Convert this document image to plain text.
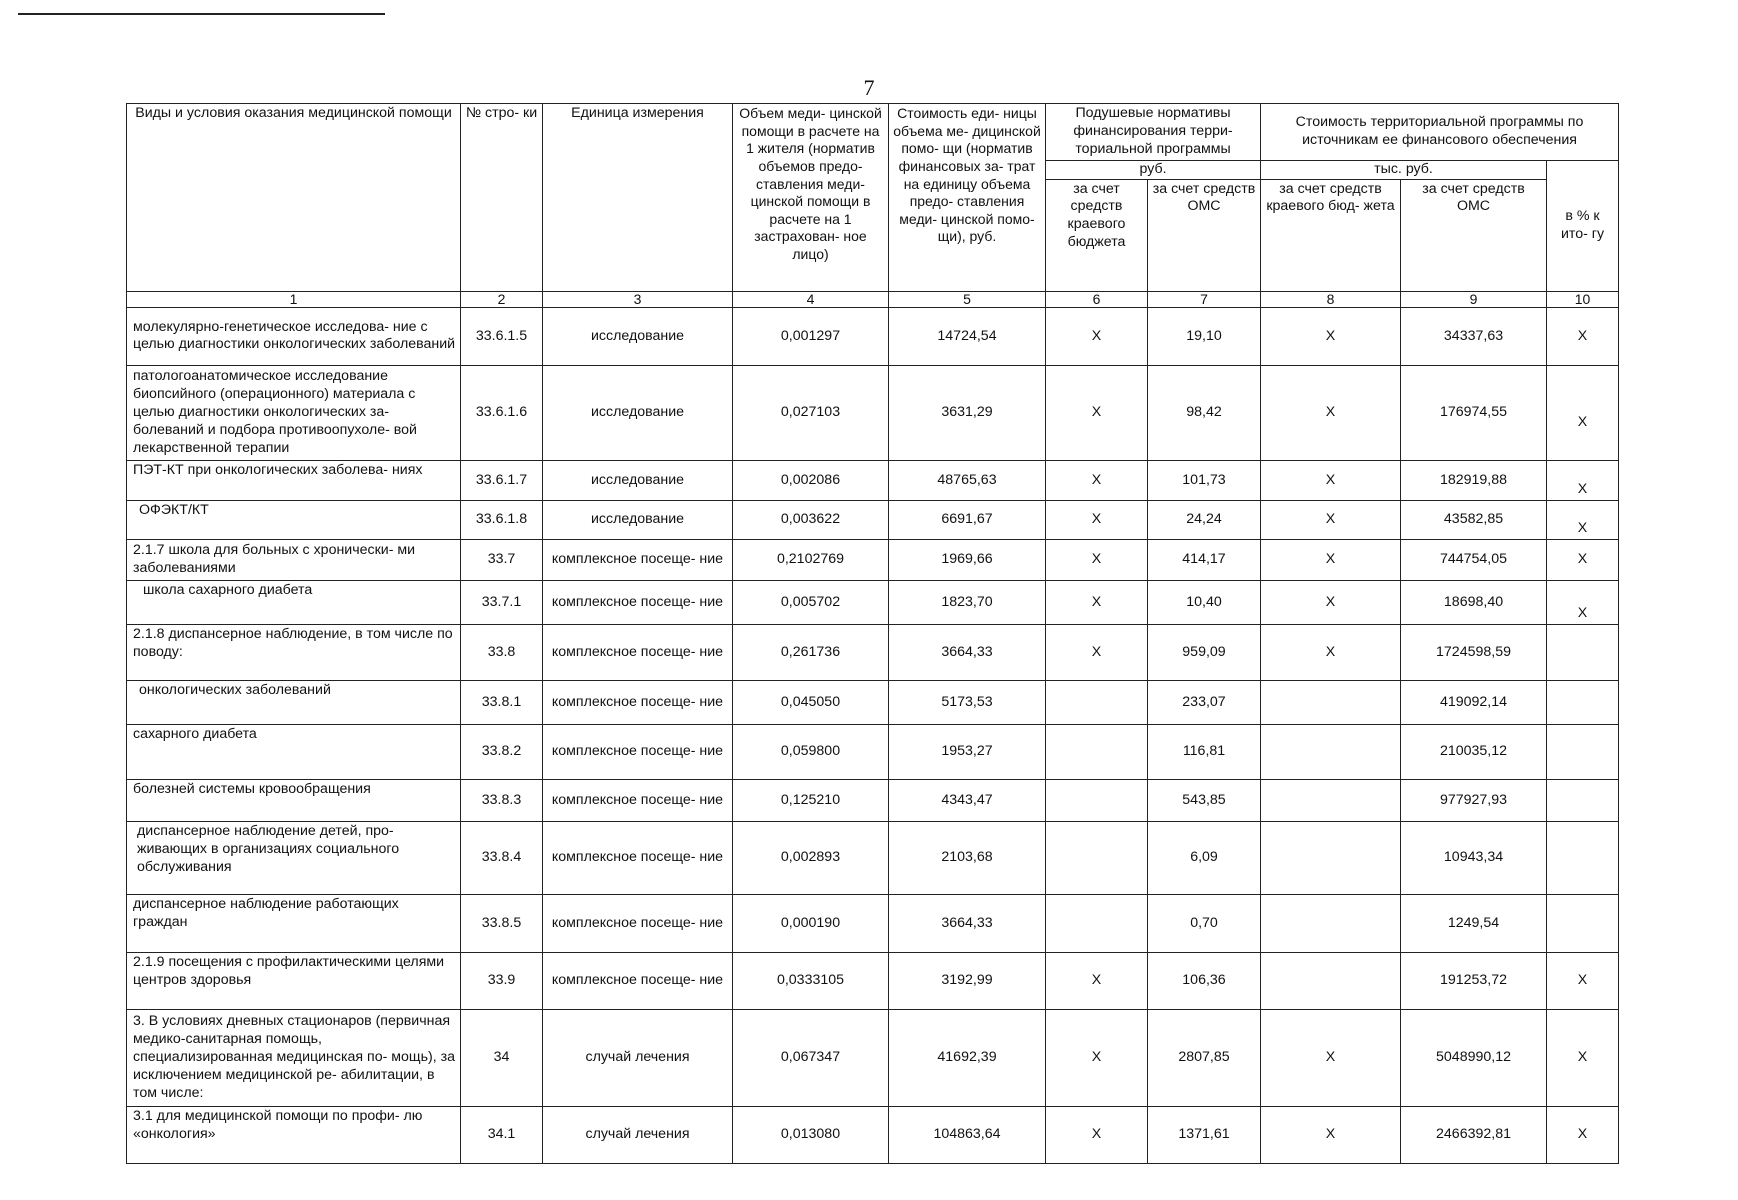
7
Виды и условия оказания медицинской помощи	№ стро- ки	Единица измерения	Объем меди- цинской помощи в расчете на 1 жителя (норматив объемов предо- ставления меди- цинской помощи в расчете на 1 застрахован- ное лицо)	Стоимость еди- ницы объема ме- дицинской помо- щи (норматив финансовых за- трат на единицу объема предо- ставления меди- цинской помо- щи), руб.	Подушевые нормативы финансирования терри- ториальной программы		Стоимость территориальной программы по источникам ее финансового обеспечения		
					руб.		тыс. руб.		в % к ито- гу
					за счет средств краевого бюджета	за счет средств ОМС	за счет средств краевого бюд- жета	за счет средств ОМС	
1	2	3	4	5	6	7	8	9	10
молекулярно-генетическое исследова- ние с целью диагностики онкологических заболеваний	33.6.1.5	исследование	0,001297	14724,54	X	19,10	X	34337,63	X
патологоанатомическое исследование биопсийного (операционного) материала с целью диагностики онкологических за- болеваний и подбора противоопухоле- вой лекарственной терапии	33.6.1.6	исследование	0,027103	3631,29	X	98,42	X	176974,55	X
ПЭТ-КТ при онкологических заболева- ниях	33.6.1.7	исследование	0,002086	48765,63	X	101,73	X	182919,88	X
ОФЭКТ/КТ	33.6.1.8	исследование	0,003622	6691,67	X	24,24	X	43582,85	X
2.1.7 школа для больных с хронически- ми заболеваниями	33.7	комплексное посеще- ние	0,2102769	1969,66	X	414,17	X	744754,05	X
школа сахарного диабета	33.7.1	комплексное посеще- ние	0,005702	1823,70	X	10,40	X	18698,40	X
2.1.8 диспансерное наблюдение, в том числе по поводу:	33.8	комплексное посеще- ние	0,261736	3664,33	X	959,09	X	1724598,59	
онкологических заболеваний	33.8.1	комплексное посеще- ние	0,045050	5173,53		233,07		419092,14	
сахарного диабета	33.8.2	комплексное посеще- ние	0,059800	1953,27		116,81		210035,12	
болезней системы кровообращения	33.8.3	комплексное посеще- ние	0,125210	4343,47		543,85		977927,93	
диспансерное наблюдение детей, про- живающих в организациях социального обслуживания	33.8.4	комплексное посеще- ние	0,002893	2103,68		6,09		10943,34	
диспансерное наблюдение работающих граждан	33.8.5	комплексное посеще- ние	0,000190	3664,33		0,70		1249,54	
2.1.9 посещения с профилактическими целями центров здоровья	33.9	комплексное посеще- ние	0,0333105	3192,99	X	106,36		191253,72	X
3. В условиях дневных стационаров (первичная медико-санитарная помощь, специализированная медицинская по- мощь), за исключением медицинской ре- абилитации, в том числе:	34	случай лечения	0,067347	41692,39	X	2807,85	X	5048990,12	X
3.1 для медицинской помощи по профи- лю «онкология»	34.1	случай лечения	0,013080	104863,64	X	1371,61	X	2466392,81	X
